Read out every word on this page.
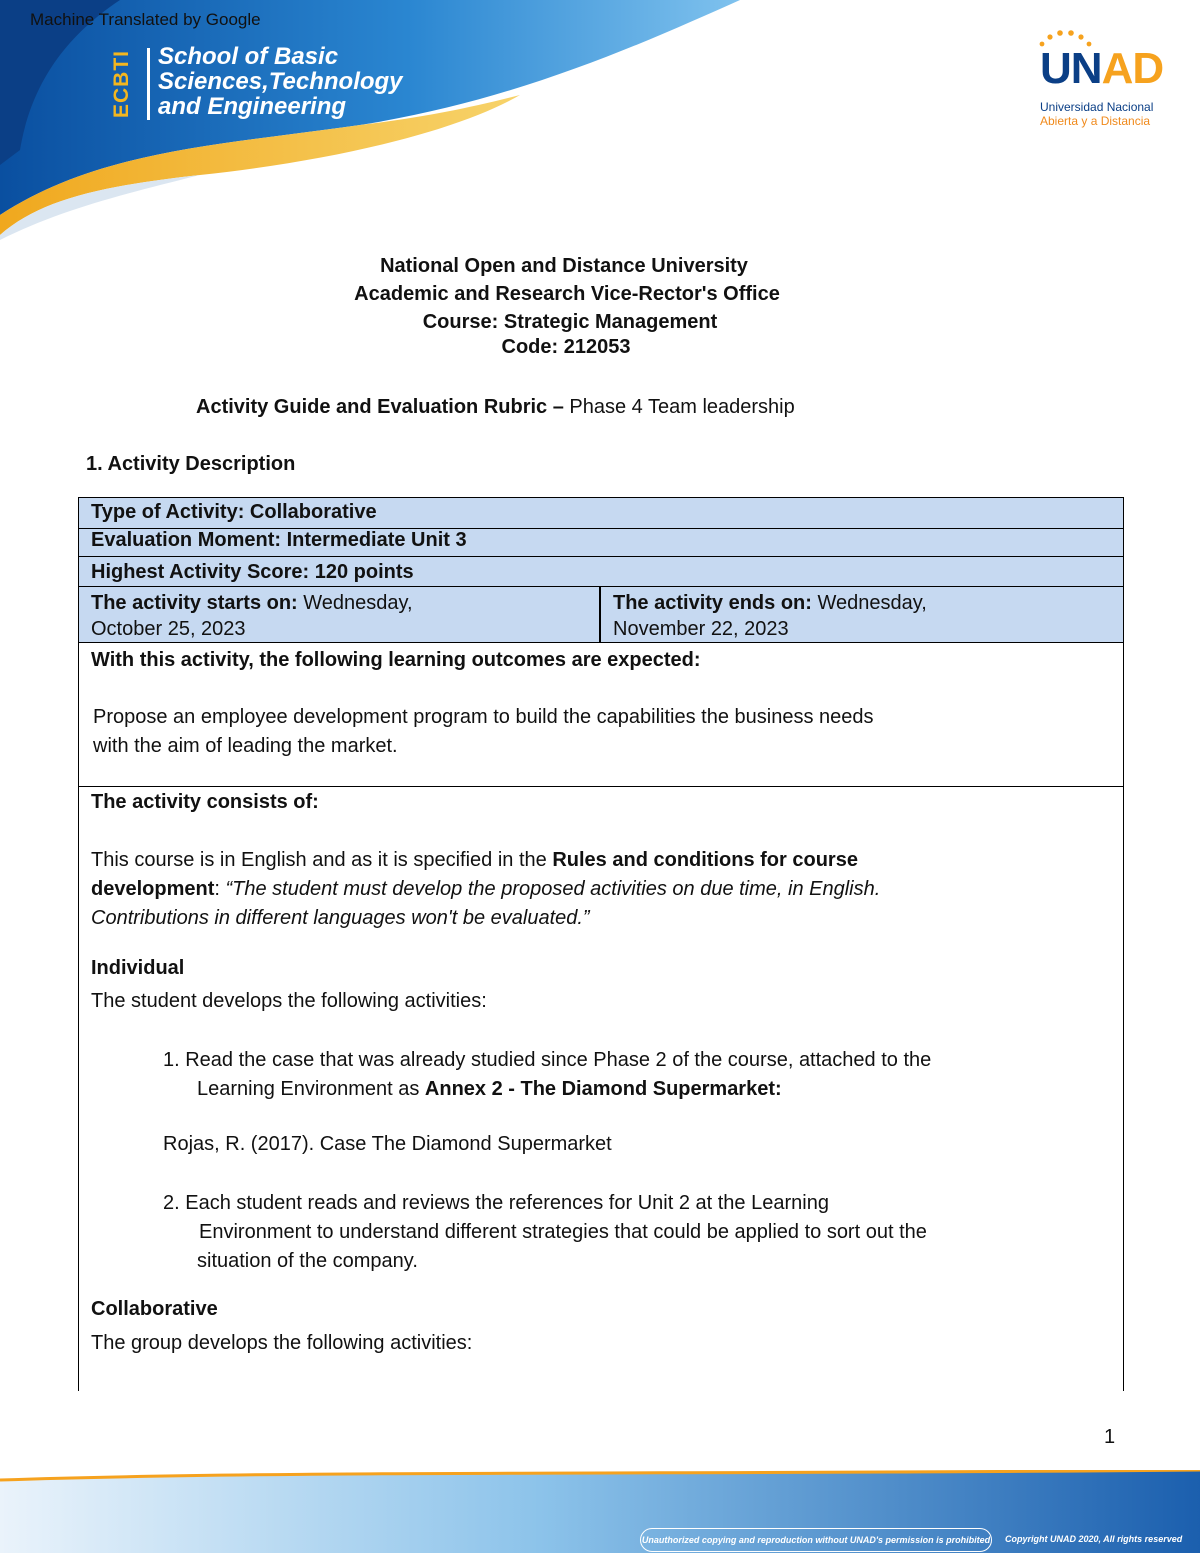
Machine Translated by Google
ECBTI School of Basic
Sciences,Technology
and Engineering
UNAD
Universidad Nacional
Abierta y a Distancia
National Open and Distance University
Academic and Research Vice-Rector's Office
Course: Strategic Management
Code: 212053
Activity Guide and Evaluation Rubric – Phase 4 Team leadership
1. Activity Description
Type of Activity: Collaborative
Evaluation Moment: Intermediate Unit 3
Highest Activity Score: 120 points
The activity starts on: Wednesday,
October 25, 2023
The activity ends on: Wednesday,
November 22, 2023
With this activity, the following learning outcomes are expected:
Propose an employee development program to build the capabilities the business needs
with the aim of leading the market.
The activity consists of:
This course is in English and as it is specified in the Rules and conditions for course
development: “The student must develop the proposed activities on due time, in English.
Contributions in different languages won't be evaluated.”
Individual
The student develops the following activities:
1. Read the case that was already studied since Phase 2 of the course, attached to the
Learning Environment as Annex 2 - The Diamond Supermarket:
Rojas, R. (2017). Case The Diamond Supermarket
2. Each student reads and reviews the references for Unit 2 at the Learning
Environment to understand different strategies that could be applied to sort out the
situation of the company.
Collaborative
The group develops the following activities:
1
Unauthorized copying and reproduction without UNAD's permission is prohibited Copyright UNAD 2020, All rights reserved
